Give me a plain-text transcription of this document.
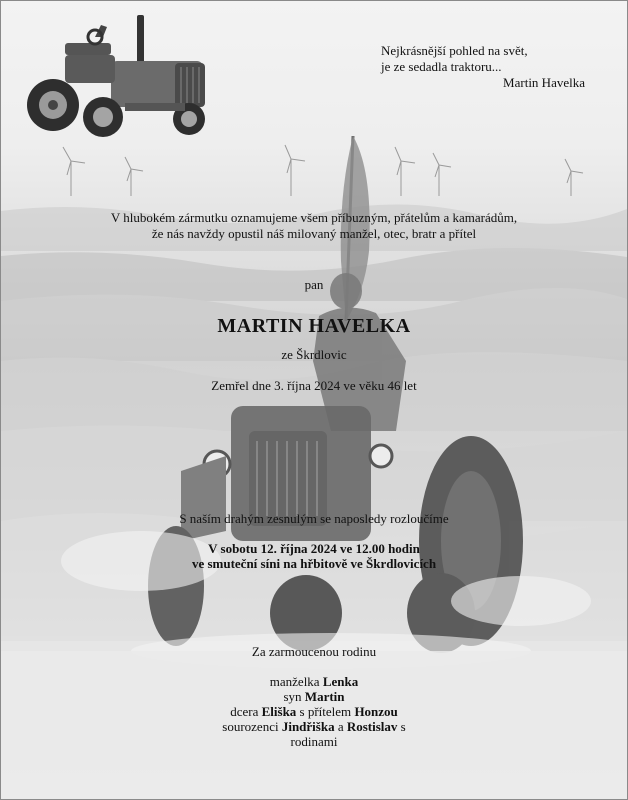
Nejkrásnější pohled na svět,
je ze sedadla traktoru...
Martin Havelka
V hlubokém zármutku oznamujeme všem příbuzným, přátelům a kamarádům,
že nás navždy opustil náš milovaný manžel, otec, bratr a přítel
pan
MARTIN HAVELKA
ze Škrdlovic
Zemřel dne 3. října 2024 ve věku 46 let
S naším drahým zesnulým se naposledy rozloučíme
V sobotu 12. října 2024 ve 12.00 hodin
ve smuteční síni na hřbitově ve Škrdlovicích
Za zarmoucenou rodinu
manželka Lenka
syn Martin
dcera Eliška s přítelem Honzou
sourozenci Jindřiška a Rostislav s
rodinami
